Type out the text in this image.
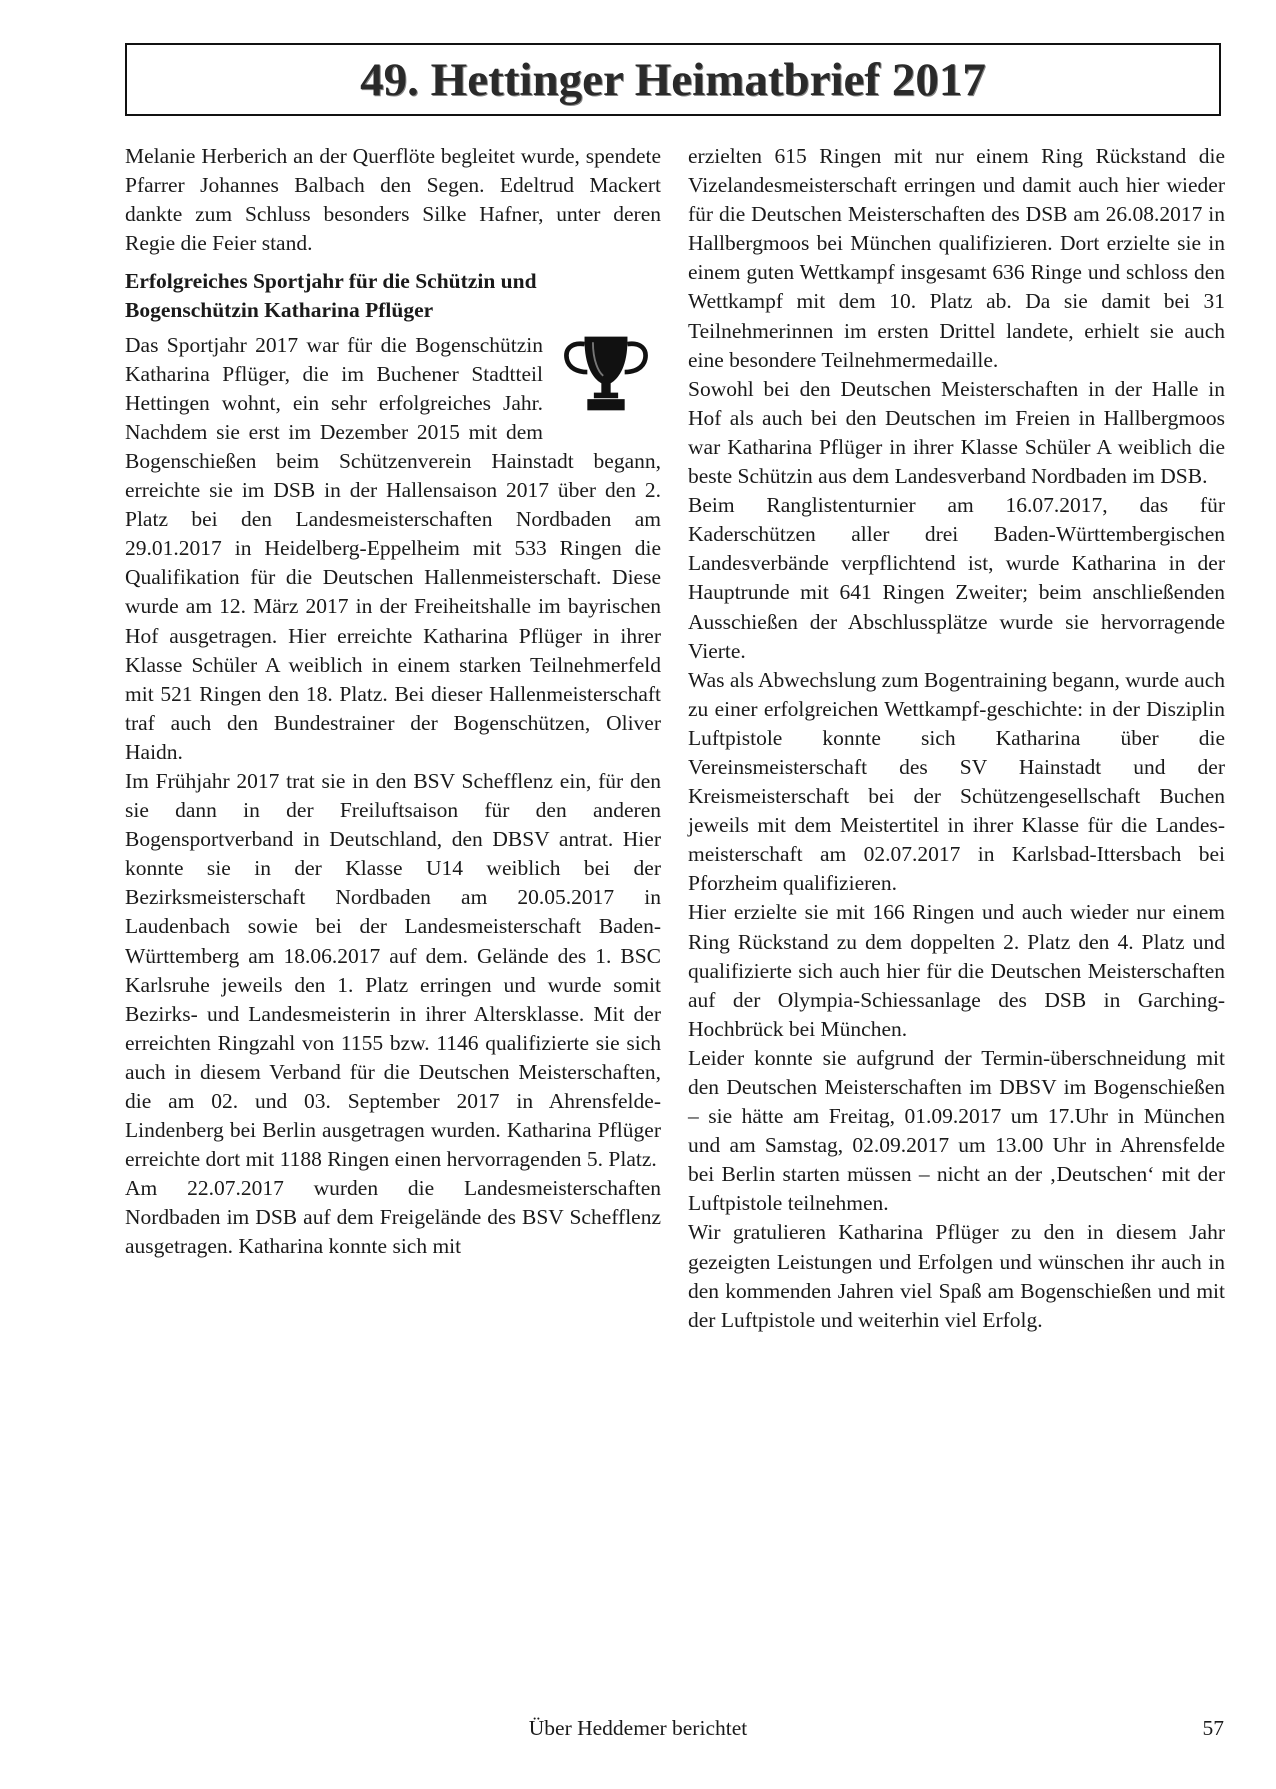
49. Hettinger Heimatbrief 2017

Melanie Herberich an der Querflöte begleitet wurde, spendete Pfarrer Johannes Balbach den Segen. Edeltrud Mackert dankte zum Schluss besonders Silke Hafner, unter deren Regie die Feier stand.

Erfolgreiches Sportjahr für die Schützin und Bogenschützin Katharina Pflüger

Das Sportjahr 2017 war für die Bogenschützin Katharina Pflüger, die im Buchener Stadtteil Hettingen wohnt, ein sehr erfolgreiches Jahr. Nachdem sie erst im Dezember 2015 mit dem Bogenschießen beim Schützenverein Hainstadt begann, erreichte sie im DSB in der Hallensaison 2017 über den 2. Platz bei den Landesmeisterschaften Nordbaden am 29.01.2017 in Heidelberg-Eppelheim mit 533 Ringen die Qualifikation für die Deutschen Hallenmeisterschaft. Diese wurde am 12. März 2017 in der Freiheitshalle im bayrischen Hof ausgetragen. Hier erreichte Katharina Pflüger in ihrer Klasse Schüler A weiblich in einem starken Teilnehmerfeld mit 521 Ringen den 18. Platz. Bei dieser Hallenmeisterschaft traf auch den Bundestrainer der Bogenschützen, Oliver Haidn.

Im Frühjahr 2017 trat sie in den BSV Schefflenz ein, für den sie dann in der Freiluftsaison für den anderen Bogensportverband in Deutschland, den DBSV antrat. Hier konnte sie in der Klasse U14 weiblich bei der Bezirksmeisterschaft Nordbaden am 20.05.2017 in Laudenbach sowie bei der Landesmeisterschaft Baden-Württemberg am 18.06.2017 auf dem. Gelände des 1. BSC Karlsruhe jeweils den 1. Platz erringen und wurde somit Bezirks- und Landesmeisterin in ihrer Altersklasse. Mit der erreichten Ringzahl von 1155 bzw. 1146 qualifizierte sie sich auch in diesem Verband für die Deutschen Meisterschaften, die am 02. und 03. September 2017 in Ahrensfelde-Lindenberg bei Berlin ausgetragen wurden. Katharina Pflüger erreichte dort mit 1188 Ringen einen hervorragenden 5. Platz.

Am 22.07.2017 wurden die Landesmeisterschaften Nordbaden im DSB auf dem Freigelände des BSV Schefflenz ausgetragen. Katharina konnte sich mit

erzielten 615 Ringen mit nur einem Ring Rückstand die Vizelandesmeisterschaft erringen und damit auch hier wieder für die Deutschen Meisterschaften des DSB am 26.08.2017 in Hallbergmoos bei München qualifizieren. Dort erzielte sie in einem guten Wettkampf insgesamt 636 Ringe und schloss den Wettkampf mit dem 10. Platz ab. Da sie damit bei 31 Teilnehmerinnen im ersten Drittel landete, erhielt sie auch eine besondere Teilnehmermedaille.

Sowohl bei den Deutschen Meisterschaften in der Halle in Hof als auch bei den Deutschen im Freien in Hallbergmoos war Katharina Pflüger in ihrer Klasse Schüler A weiblich die beste Schützin aus dem Landesverband Nordbaden im DSB.

Beim Ranglistenturnier am 16.07.2017, das für Kaderschützen aller drei Baden-Württembergischen Landesverbände verpflichtend ist, wurde Katharina in der Hauptrunde mit 641 Ringen Zweiter; beim anschließenden Ausschießen der Abschlussplätze wurde sie hervorragende Vierte.

Was als Abwechslung zum Bogentraining begann, wurde auch zu einer erfolgreichen Wettkampf-geschichte: in der Disziplin Luftpistole konnte sich Katharina über die Vereinsmeisterschaft des SV Hainstadt und der Kreismeisterschaft bei der Schützengesellschaft Buchen jeweils mit dem Meistertitel in ihrer Klasse für die Landes-meisterschaft am 02.07.2017 in Karlsbad-Ittersbach bei Pforzheim qualifizieren.

Hier erzielte sie mit 166 Ringen und auch wieder nur einem Ring Rückstand zu dem doppelten 2. Platz den 4. Platz und qualifizierte sich auch hier für die Deutschen Meisterschaften auf der Olympia-Schiessanlage des DSB in Garching-Hochbrück bei München.

Leider konnte sie aufgrund der Termin-überschneidung mit den Deutschen Meisterschaften im DBSV im Bogenschießen – sie hätte am Freitag, 01.09.2017 um 17.Uhr in München und am Samstag, 02.09.2017 um 13.00 Uhr in Ahrensfelde bei Berlin starten müssen – nicht an der ‚Deutschen‘ mit der Luftpistole teilnehmen.

Wir gratulieren Katharina Pflüger zu den in diesem Jahr gezeigten Leistungen und Erfolgen und wünschen ihr auch in den kommenden Jahren viel Spaß am Bogenschießen und mit der Luftpistole und weiterhin viel Erfolg.

Über Heddemer berichtet	57
